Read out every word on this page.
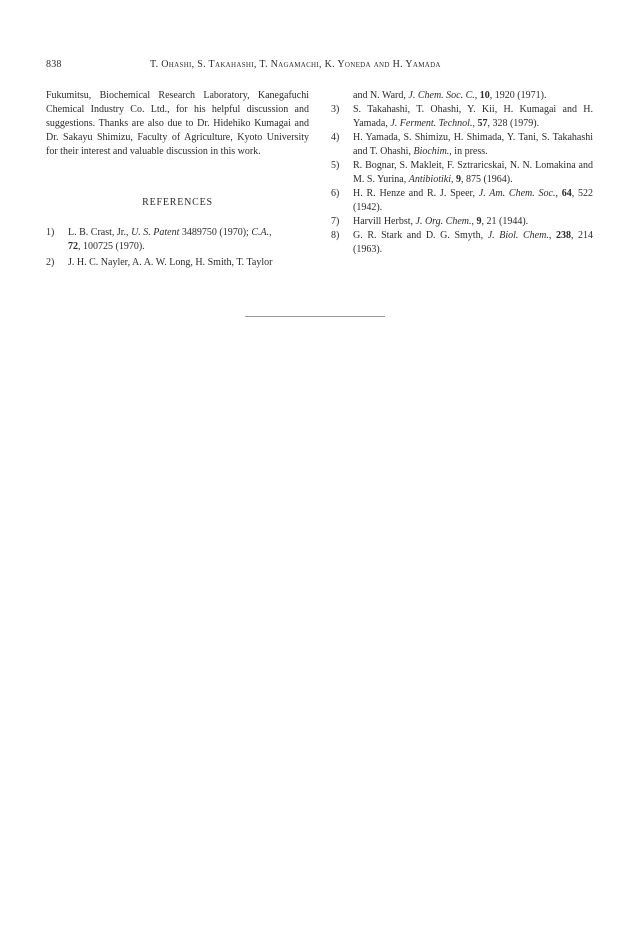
838	T. Ohashi, S. Takahashi, T. Nagamachi, K. Yoneda and H. Yamada

Fukumitsu, Biochemical Research Laboratory, Kanegafuchi Chemical Industry Co. Ltd., for his helpful discussion and suggestions. Thanks are also due to Dr. Hidehiko Kumagai and Dr. Sakayu Shimizu, Faculty of Agriculture, Kyoto University for their interest and valuable discussion in this work.

REFERENCES
1)	L. B. Crast, Jr., U. S. Patent 3489750 (1970); C.A.,
72, 100725 (1970).
2)	J. H. C. Nayler, A. A. W. Long, H. Smith, T. Taylor
and N. Ward, J. Chem. Soc. C., 10, 1920 (1971).
3)	S. Takahashi, T. Ohashi, Y. Kii, H. Kumagai and H. Yamada, J. Ferment. Technol., 57, 328 (1979).
4)	H. Yamada, S. Shimizu, H. Shimada, Y. Tani, S. Takahashi and T. Ohashi, Biochim., in press.
5)	R. Bognar, S. Makleit, F. Sztraricskai, N. N. Lomakina and M. S. Yurina, Antibiotiki, 9, 875 (1964).
6)	H. R. Henze and R. J. Speer, J. Am. Chem. Soc., 64, 522 (1942).
7)	Harvill Herbst, J. Org. Chem., 9, 21 (1944).
8)	G. R. Stark and D. G. Smyth, J. Biol. Chem., 238, 214 (1963).
